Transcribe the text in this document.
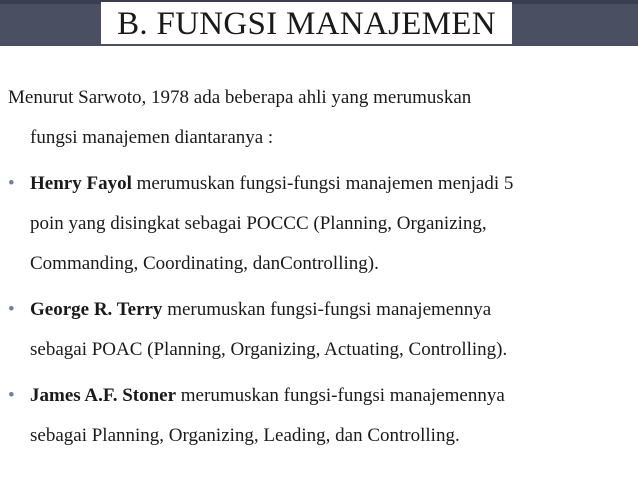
B. FUNGSI MANAJEMEN
Menurut Sarwoto, 1978 ada beberapa ahli yang merumuskan
fungsi manajemen diantaranya :
• Henry Fayol merumuskan fungsi-fungsi manajemen menjadi 5
poin yang disingkat sebagai POCCC (Planning, Organizing,
Commanding, Coordinating, danControlling).
• George R. Terry merumuskan fungsi-fungsi manajemennya
sebagai POAC (Planning, Organizing, Actuating, Controlling).
• James A.F. Stoner merumuskan fungsi-fungsi manajemennya
sebagai Planning, Organizing, Leading, dan Controlling.
